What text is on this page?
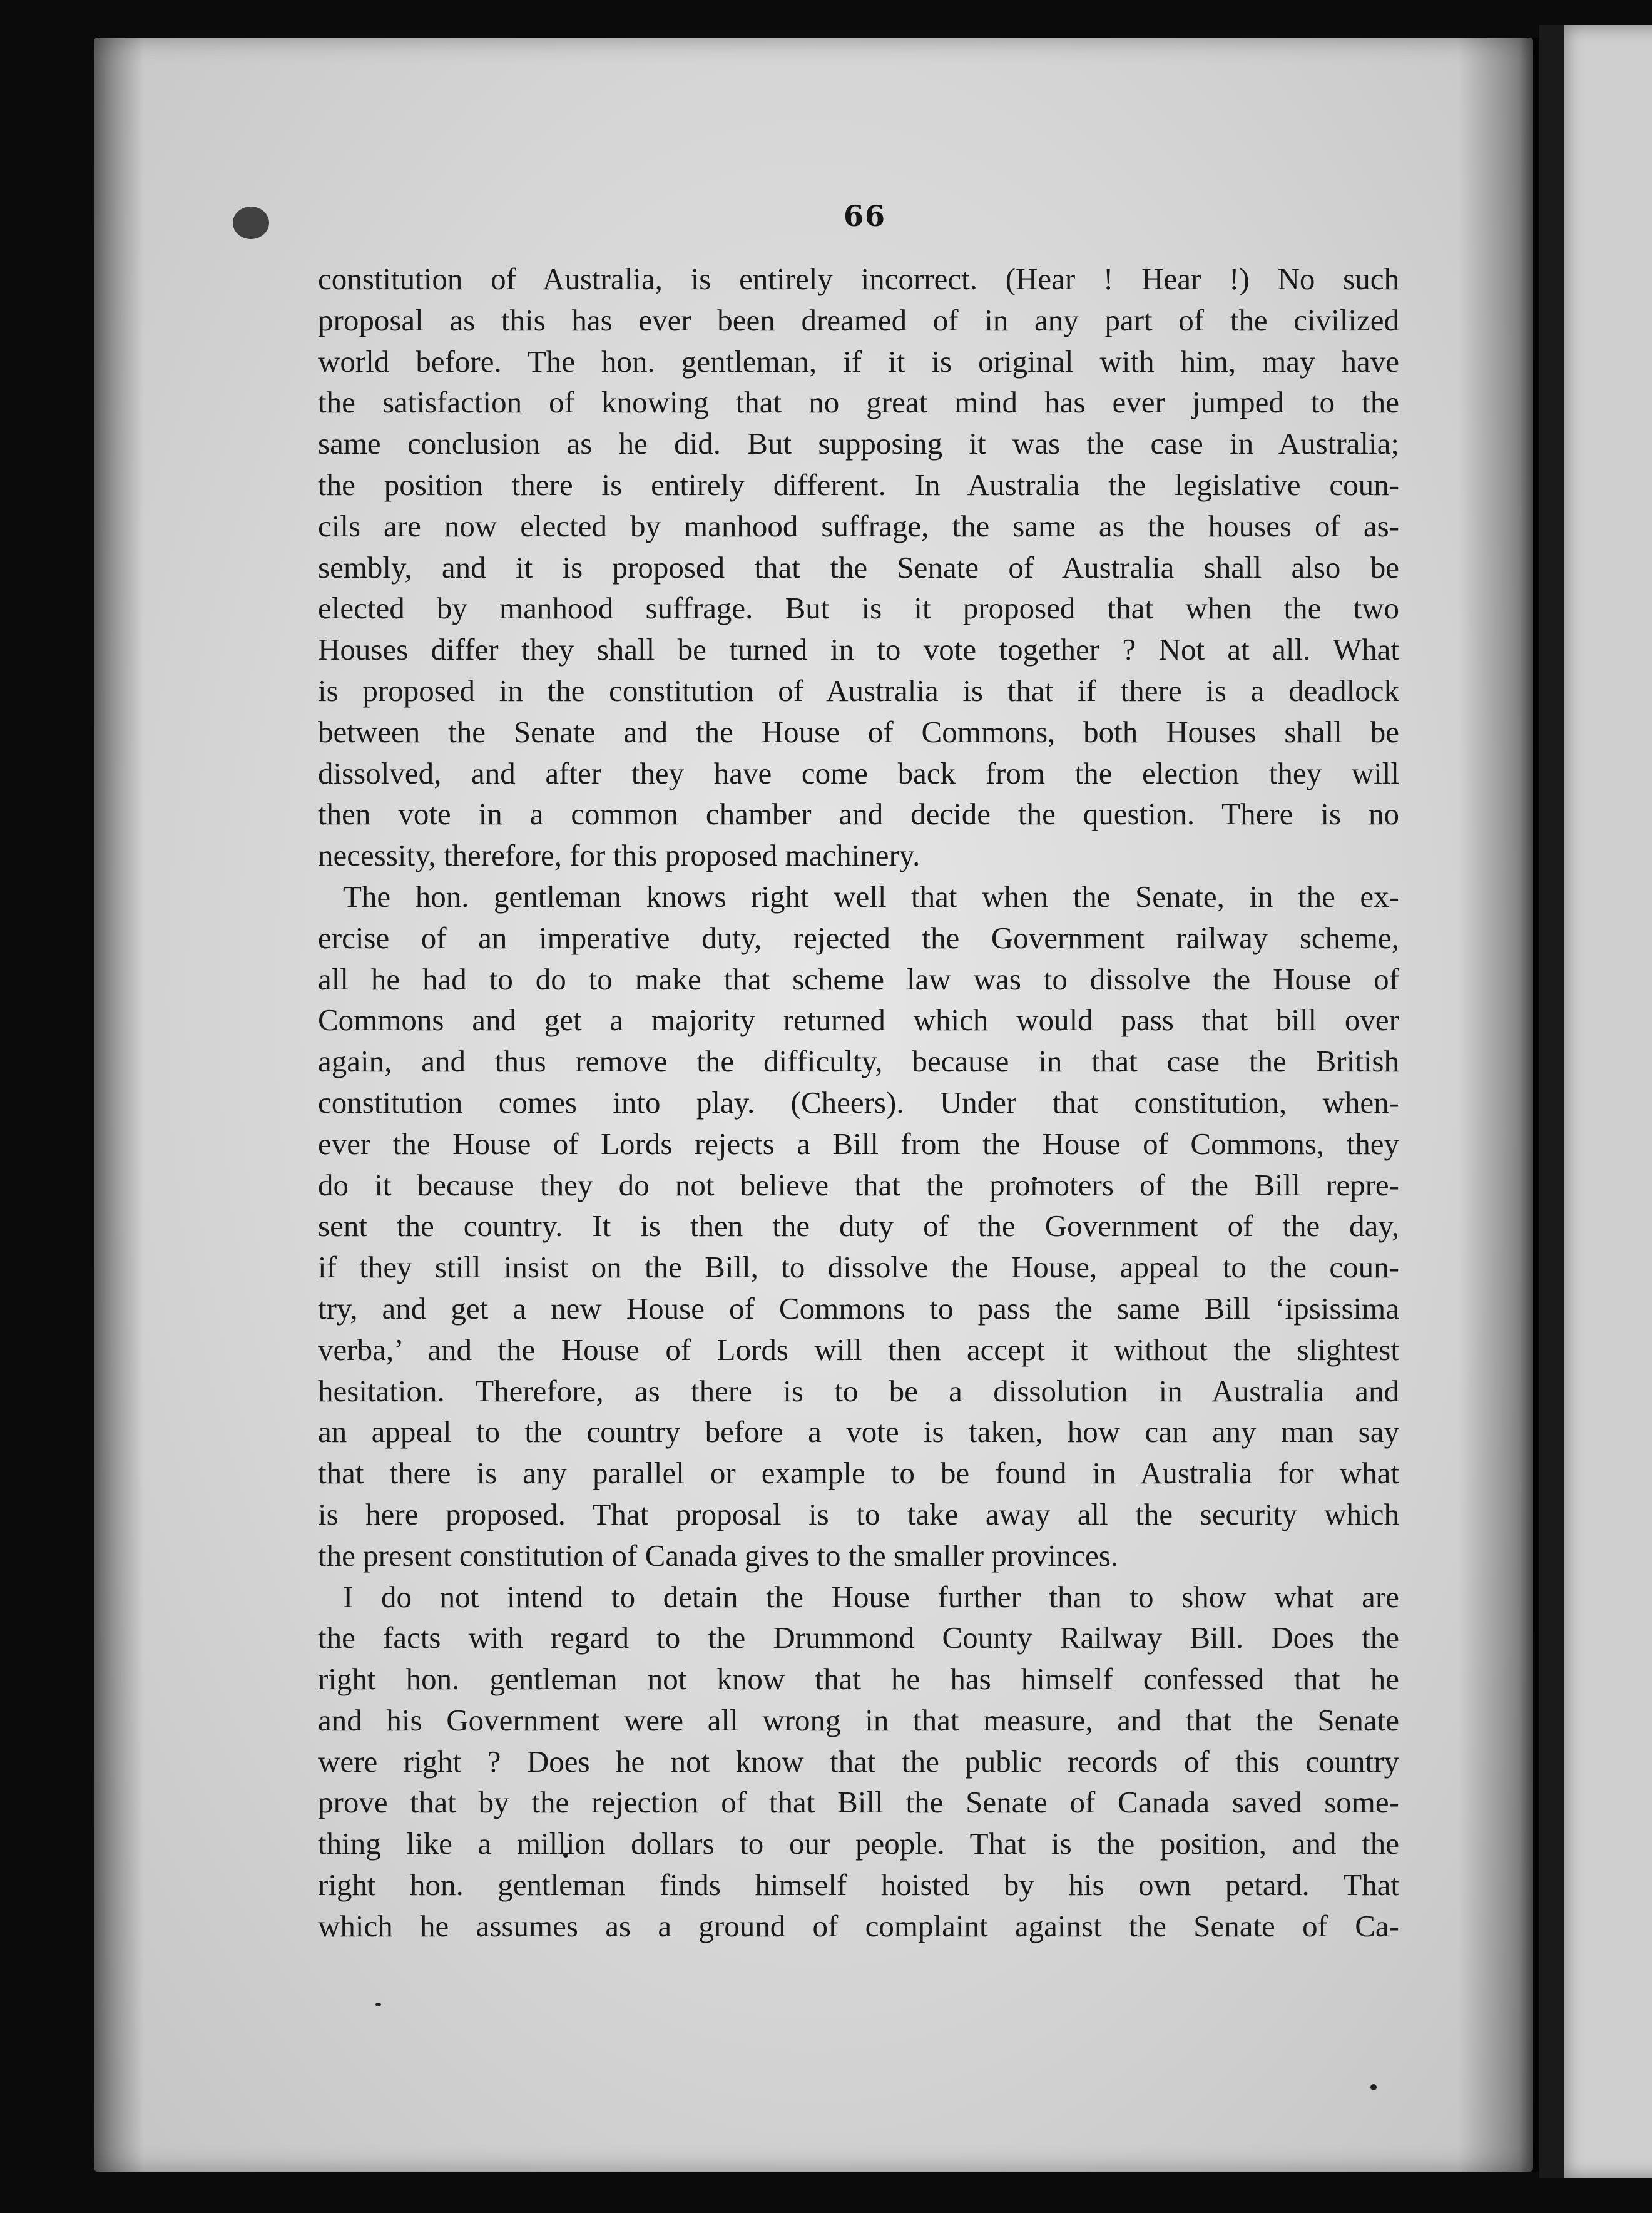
66

constitution of Australia, is entirely incorrect. (Hear ! Hear !) No such
proposal as this has ever been dreamed of in any part of the civilized
world before. The hon. gentleman, if it is original with him, may have
the satisfaction of knowing that no great mind has ever jumped to the
same conclusion as he did. But supposing it was the case in Australia;
the position there is entirely different. In Australia the legislative coun-
cils are now elected by manhood suffrage, the same as the houses of as-
sembly, and it is proposed that the Senate of Australia shall also be
elected by manhood suffrage. But is it proposed that when the two
Houses differ they shall be turned in to vote together ? Not at all. What
is proposed in the constitution of Australia is that if there is a deadlock
between the Senate and the House of Commons, both Houses shall be
dissolved, and after they have come back from the election they will
then vote in a common chamber and decide the question. There is no
necessity, therefore, for this proposed machinery.

The hon. gentleman knows right well that when the Senate, in the ex-
ercise of an imperative duty, rejected the Government railway scheme,
all he had to do to make that scheme law was to dissolve the House of
Commons and get a majority returned which would pass that bill over
again, and thus remove the difficulty, because in that case the British
constitution comes into play. (Cheers). Under that constitution, when-
ever the House of Lords rejects a Bill from the House of Commons, they
do it because they do not believe that the promoters of the Bill repre-
sent the country. It is then the duty of the Government of the day,
if they still insist on the Bill, to dissolve the House, appeal to the coun-
try, and get a new House of Commons to pass the same Bill ‘ipsissima
verba,’ and the House of Lords will then accept it without the slightest
hesitation. Therefore, as there is to be a dissolution in Australia and
an appeal to the country before a vote is taken, how can any man say
that there is any parallel or example to be found in Australia for what
is here proposed. That proposal is to take away all the security which
the present constitution of Canada gives to the smaller provinces.

I do not intend to detain the House further than to show what are
the facts with regard to the Drummond County Railway Bill. Does the
right hon. gentleman not know that he has himself confessed that he
and his Government were all wrong in that measure, and that the Senate
were right ? Does he not know that the public records of this country
prove that by the rejection of that Bill the Senate of Canada saved some-
thing like a million dollars to our people. That is the position, and the
right hon. gentleman finds himself hoisted by his own petard. That
which he assumes as a ground of complaint against the Senate of Ca-
